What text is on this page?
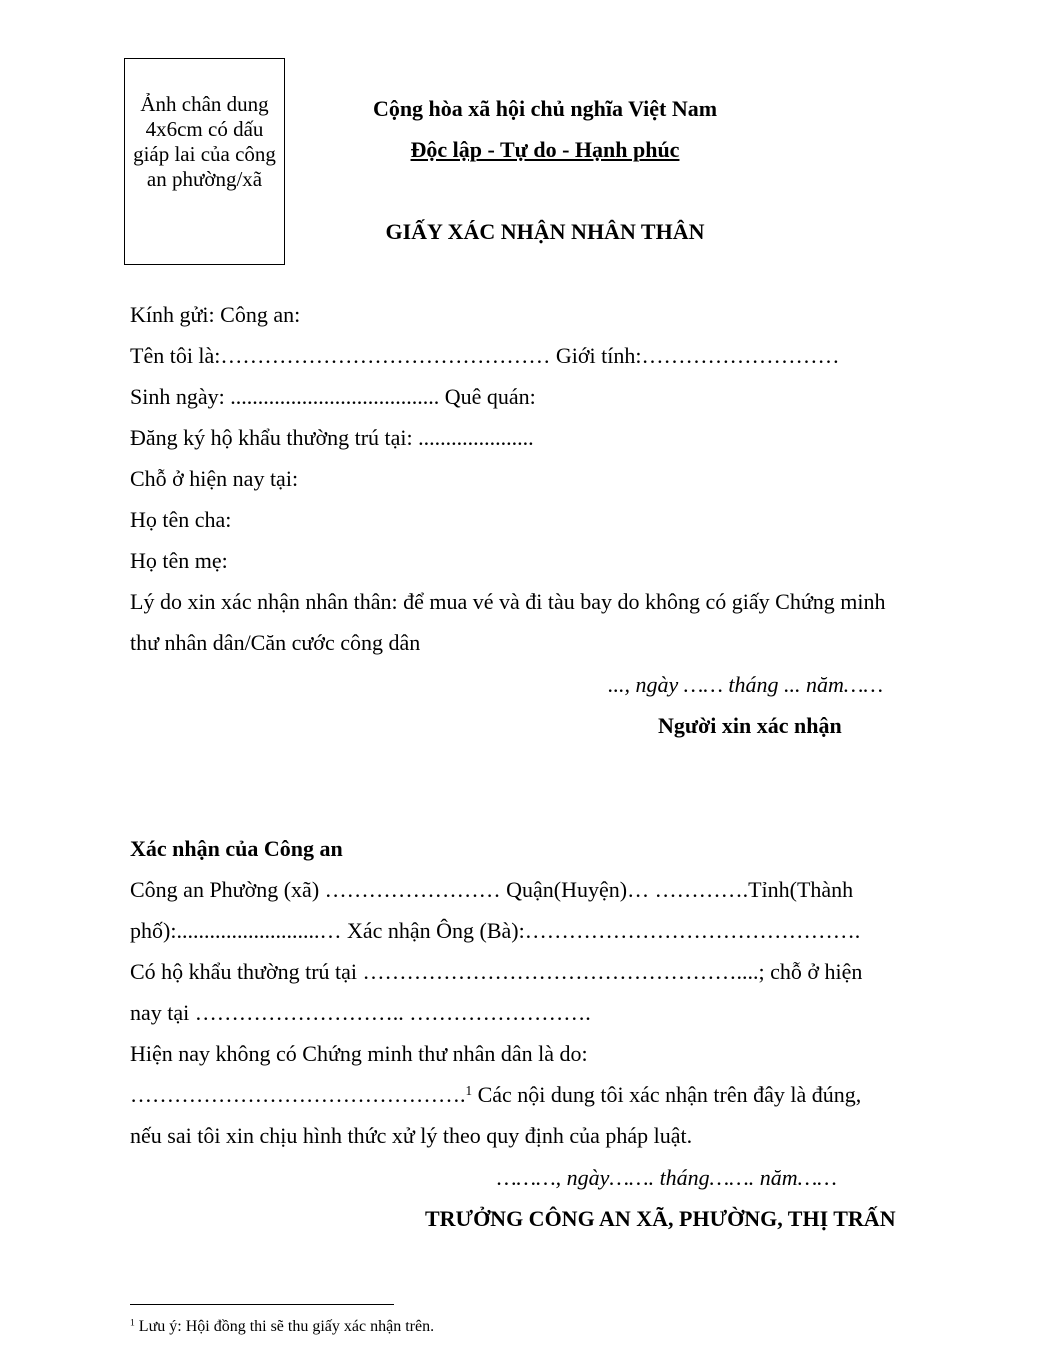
Ảnh chân dung 4x6cm có dấu giáp lai của công an phường/xã
Cộng hòa xã hội chủ nghĩa Việt Nam
Độc lập - Tự do - Hạnh phúc
GIẤY XÁC NHẬN NHÂN THÂN
Kính gửi: Công an:
Tên tôi là:……………………………………… Giới tính:………………………
Sinh ngày: ...................................... Quê quán:
Đăng ký hộ khẩu thường trú tại: .....................
Chỗ ở hiện nay tại:
Họ tên cha:
Họ tên mẹ:
Lý do xin xác nhận nhân thân: để mua vé và đi tàu bay do không có giấy Chứng minh
thư nhân dân/Căn cước công dân
..., ngày …… tháng ... năm……
Người xin xác nhận
Xác nhận của Công an
Công an Phường (xã) …………………… Quận(Huyện)… ………….Tỉnh(Thành
phố):..........................… Xác nhận Ông (Bà):……………………………………….
Có hộ khẩu thường trú tại ……………………………………………....; chỗ ở hiện
nay tại ……………………….. …………………….
Hiện nay không có Chứng minh thư nhân dân là do:
……………………………………….$^1$ Các nội dung tôi xác nhận trên đây là đúng,
nếu sai tôi xin chịu hình thức xử lý theo quy định của pháp luật.
………, ngày……. tháng……. năm……
TRƯỞNG CÔNG AN XÃ, PHƯỜNG, THỊ TRẤN
$^1$ Lưu ý: Hội đồng thi sẽ thu giấy xác nhận trên.
